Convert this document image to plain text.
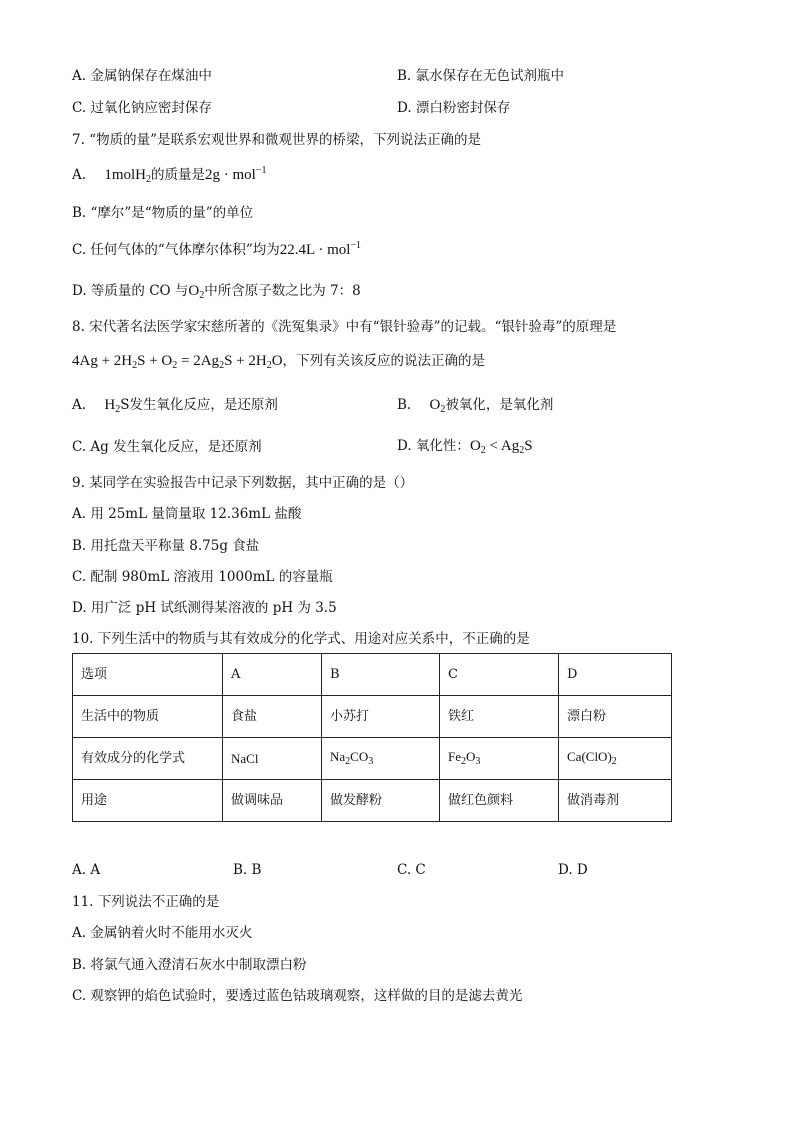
A. 金属钠保存在煤油中	B. 氯水保存在无色试剂瓶中
C. 过氧化钠应密封保存	D. 漂白粉密封保存
7. “物质的量”是联系宏观世界和微观世界的桥梁，下列说法正确的是
A. 1molH$_2$的质量是2g · mol$^{-1}$
B. “摩尔”是“物质的量”的单位
C. 任何气体的“气体摩尔体积”均为22.4L · mol$^{-1}$
D. 等质量的 CO 与$O_2$中所含原子数之比为 7：8
8. 宋代著名法医学家宋慈所著的《洗冤集录》中有“银针验毒”的记载。“银针验毒”的原理是
$4Ag + 2H_2S + O_2 = 2Ag_2S + 2H_2O$，下列有关该反应的说法正确的是
A. $H_2S$发生氧化反应，是还原剂	B. $O_2$被氧化，是氧化剂
C. Ag 发生氧化反应，是还原剂	D. 氧化性：$O_2 < Ag_2S$
9. 某同学在实验报告中记录下列数据，其中正确的是（）
A. 用 25mL 量筒量取 12.36mL 盐酸
B. 用托盘天平称量 8.75g 食盐
C. 配制 980mL 溶液用 1000mL 的容量瓶
D. 用广泛 pH 试纸测得某溶液的 pH 为 3.5
10. 下列生活中的物质与其有效成分的化学式、用途对应关系中，不正确的是
选项	A	B	C	D
生活中的物质	食盐	小苏打	铁红	漂白粉
有效成分的化学式	NaCl	$Na_2CO_3$	$Fe_2O_3$	$Ca(ClO)_2$
用途	做调味品	做发酵粉	做红色颜料	做消毒剂
A. A	B. B	C. C	D. D
11. 下列说法不正确的是
A. 金属钠着火时不能用水灭火
B. 将氯气通入澄清石灰水中制取漂白粉
C. 观察钾的焰色试验时，要透过蓝色钴玻璃观察，这样做的目的是滤去黄光
